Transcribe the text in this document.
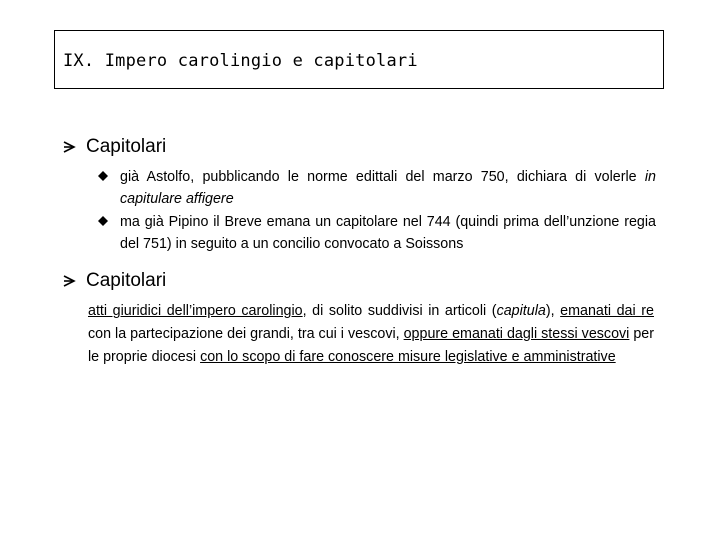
IX. Impero carolingio e capitolari
Capitolari
già Astolfo, pubblicando le norme edittali del marzo 750, dichiara di volerle in capitulare affigere
ma già Pipino il Breve emana un capitolare nel 744 (quindi prima dell’unzione regia del 751) in seguito a un concilio convocato a Soissons
Capitolari
atti giuridici dell’impero carolingio, di solito suddivisi in articoli (capitula), emanati dai re con la partecipazione dei grandi, tra cui i vescovi, oppure emanati dagli stessi vescovi per le proprie diocesi con lo scopo di fare conoscere misure legislative e amministrative
